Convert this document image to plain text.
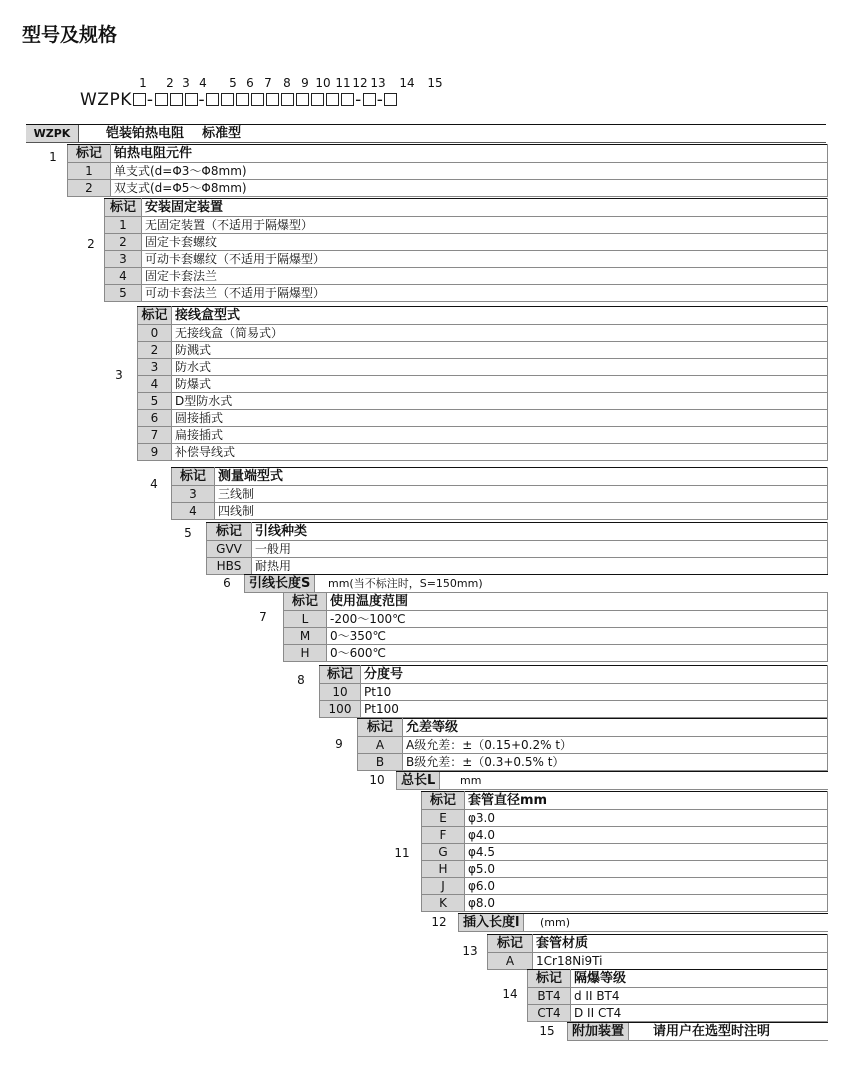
型号及规格
1	2 3 4	5 6 7 8 9 10 11 12 13 14 15
WZPK -	-	- -
WZPK	铠装铂热电阻    标准型
1	标记	铂热电阻元件
1	单支式(d=Φ3～Φ8mm)
2	双支式(d=Φ5～Φ8mm)
2
标记	安装固定装置
1	无固定装置（不适用于隔爆型）
2	固定卡套螺纹
3	可动卡套螺纹（不适用于隔爆型）
4	固定卡套法兰
5	可动卡套法兰（不适用于隔爆型）
3
标记	接线盒型式
0	无接线盒（简易式）
2	防溅式
3	防水式
4	防爆式
5	D型防水式
6	圆接插式
7	扁接插式
9	补偿导线式
4	标记	测量端型式
3	三线制
4	四线制
5	标记	引线种类
GVV	一般用
HBS	耐热用
7
标记	使用温度范围
L	-200～100℃
M	0～350℃
H	0～600℃
8	标记	分度号
10	Pt10
100	Pt100
9
标记	允差等级
A	A级允差：±（0.15+0.2% t）
B	B级允差：±（0.3+0.5% t）
11
标记	套管直径mm
E	φ3.0
F	φ4.0
G	φ4.5
H	φ5.0
J	φ6.0
K	φ8.0
13 标记	套管材质
A	1Cr18Ni9Ti
14
标记	隔爆等级
BT4	d II BT4
CT4	D II CT4
6	引线长度S	mm(当不标注时，S=150mm)
10	总长L	mm
12	插入长度l	(mm)
15	附加装置	请用户在选型时注明
